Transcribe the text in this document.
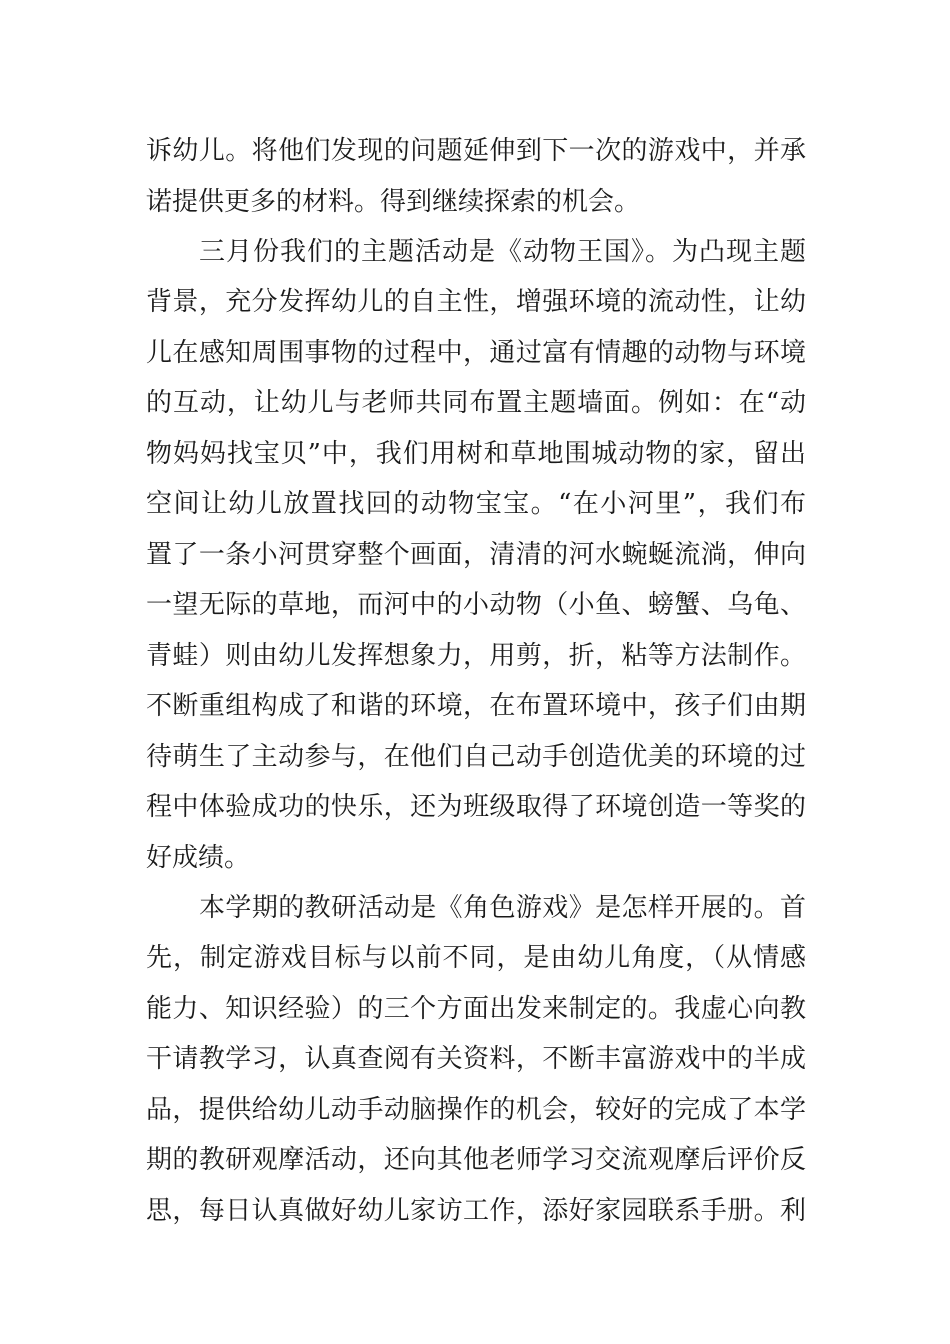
诉幼儿。将他们发现的问题延伸到下一次的游戏中，并承
诺提供更多的材料。得到继续探索的机会。
三月份我们的主题活动是《动物王国》。为凸现主题
背景，充分发挥幼儿的自主性，增强环境的流动性，让幼
儿在感知周围事物的过程中，通过富有情趣的动物与环境
的互动，让幼儿与老师共同布置主题墙面。例如：在“动
物妈妈找宝贝”中，我们用树和草地围城动物的家，留出
空间让幼儿放置找回的动物宝宝。“在小河里”，我们布
置了一条小河贯穿整个画面，清清的河水蜿蜒流淌，伸向
一望无际的草地，而河中的小动物（小鱼、螃蟹、乌龟、
青蛙）则由幼儿发挥想象力，用剪，折，粘等方法制作。
不断重组构成了和谐的环境，在布置环境中，孩子们由期
待萌生了主动参与，在他们自己动手创造优美的环境的过
程中体验成功的快乐，还为班级取得了环境创造一等奖的
好成绩。
本学期的教研活动是《角色游戏》是怎样开展的。首
先，制定游戏目标与以前不同，是由幼儿角度，（从情感
能力、知识经验）的三个方面出发来制定的。我虚心向教
干请教学习，认真查阅有关资料，不断丰富游戏中的半成
品，提供给幼儿动手动脑操作的机会，较好的完成了本学
期的教研观摩活动，还向其他老师学习交流观摩后评价反
思，每日认真做好幼儿家访工作，添好家园联系手册。利
